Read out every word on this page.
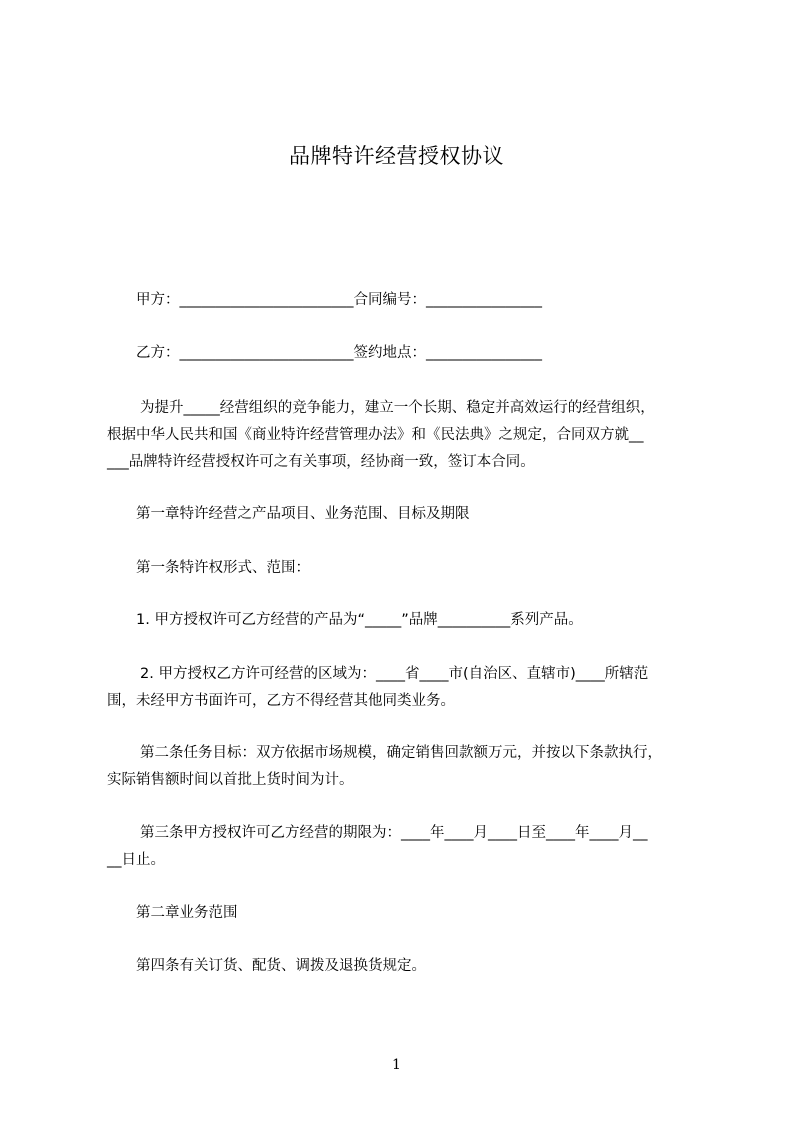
品牌特许经营授权协议
甲方：________________________合同编号：________________
乙方：________________________签约地点：________________
为提升_____经营组织的竞争能力，建立一个长期、稳定并高效运行的经营组织，
根据中华人民共和国《商业特许经营管理办法》和《民法典》之规定，合同双方就__
___品牌特许经营授权许可之有关事项，经协商一致，签订本合同。
第一章特许经营之产品项目、业务范围、目标及期限
第一条特许权形式、范围：
1. 甲方授权许可乙方经营的产品为“_____”品牌__________系列产品。
2. 甲方授权乙方许可经营的区域为：____省____市(自治区、直辖市)____所辖范
围，未经甲方书面许可，乙方不得经营其他同类业务。
第二条任务目标：双方依据市场规模，确定销售回款额万元，并按以下条款执行，
实际销售额时间以首批上货时间为计。
第三条甲方授权许可乙方经营的期限为：____年____月____日至____年____月__
__日止。
第二章业务范围
第四条有关订货、配货、调拨及退换货规定。
1
